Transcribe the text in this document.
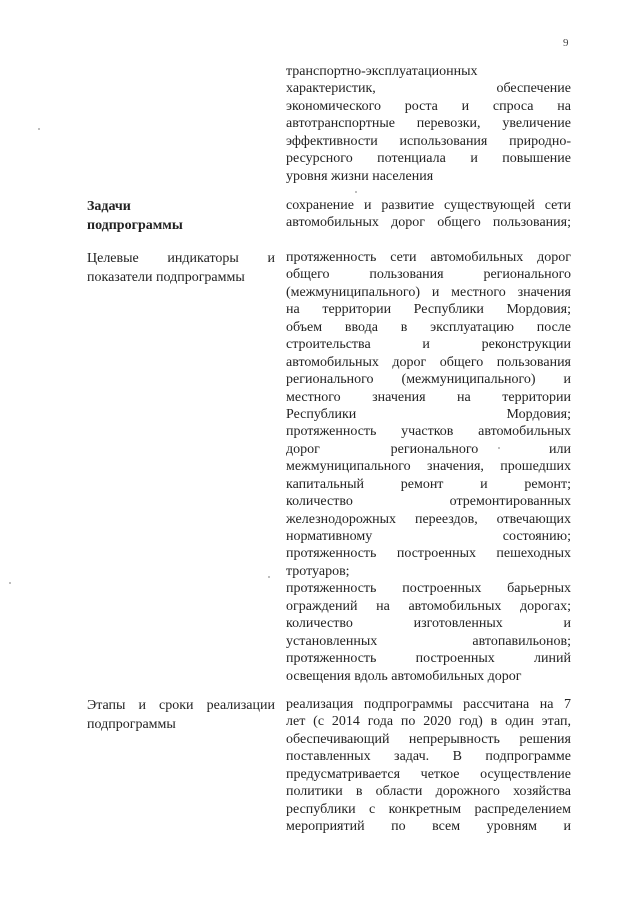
9
транспортно-эксплуатационных
характеристик, обеспечение
экономического роста и спроса на
автотранспортные перевозки, увеличение
эффективности использования природно-
ресурсного потенциала и повышение
уровня жизни населения

Задачи подпрограммы

сохранение и развитие существующей сети
автомобильных дорог общего пользования;

Целевые индикаторы и показатели подпрограммы

протяженность сети автомобильных дорог
общего пользования регионального
(межмуниципального) и местного значения
на территории Республики Мордовия;
объем ввода в эксплуатацию после
строительства и реконструкции
автомобильных дорог общего пользования
регионального (межмуниципального) и
местного значения на территории
Республики Мордовия;
протяженность участков автомобильных
дорог регионального или
межмуниципального значения, прошедших
капитальный ремонт и ремонт;
количество отремонтированных
железнодорожных переездов, отвечающих
нормативному состоянию;
протяженность построенных пешеходных
тротуаров;
протяженность построенных барьерных
ограждений на автомобильных дорогах;
количество изготовленных и
установленных автопавильонов;
протяженность построенных линий
освещения вдоль автомобильных дорог

Этапы и сроки реализации подпрограммы

реализация подпрограммы рассчитана на 7
лет (с 2014 года по 2020 год) в один этап,
обеспечивающий непрерывность решения
поставленных задач. В подпрограмме
предусматривается четкое осуществление
политики в области дорожного хозяйства
республики с конкретным распределением
мероприятий по всем уровням и
